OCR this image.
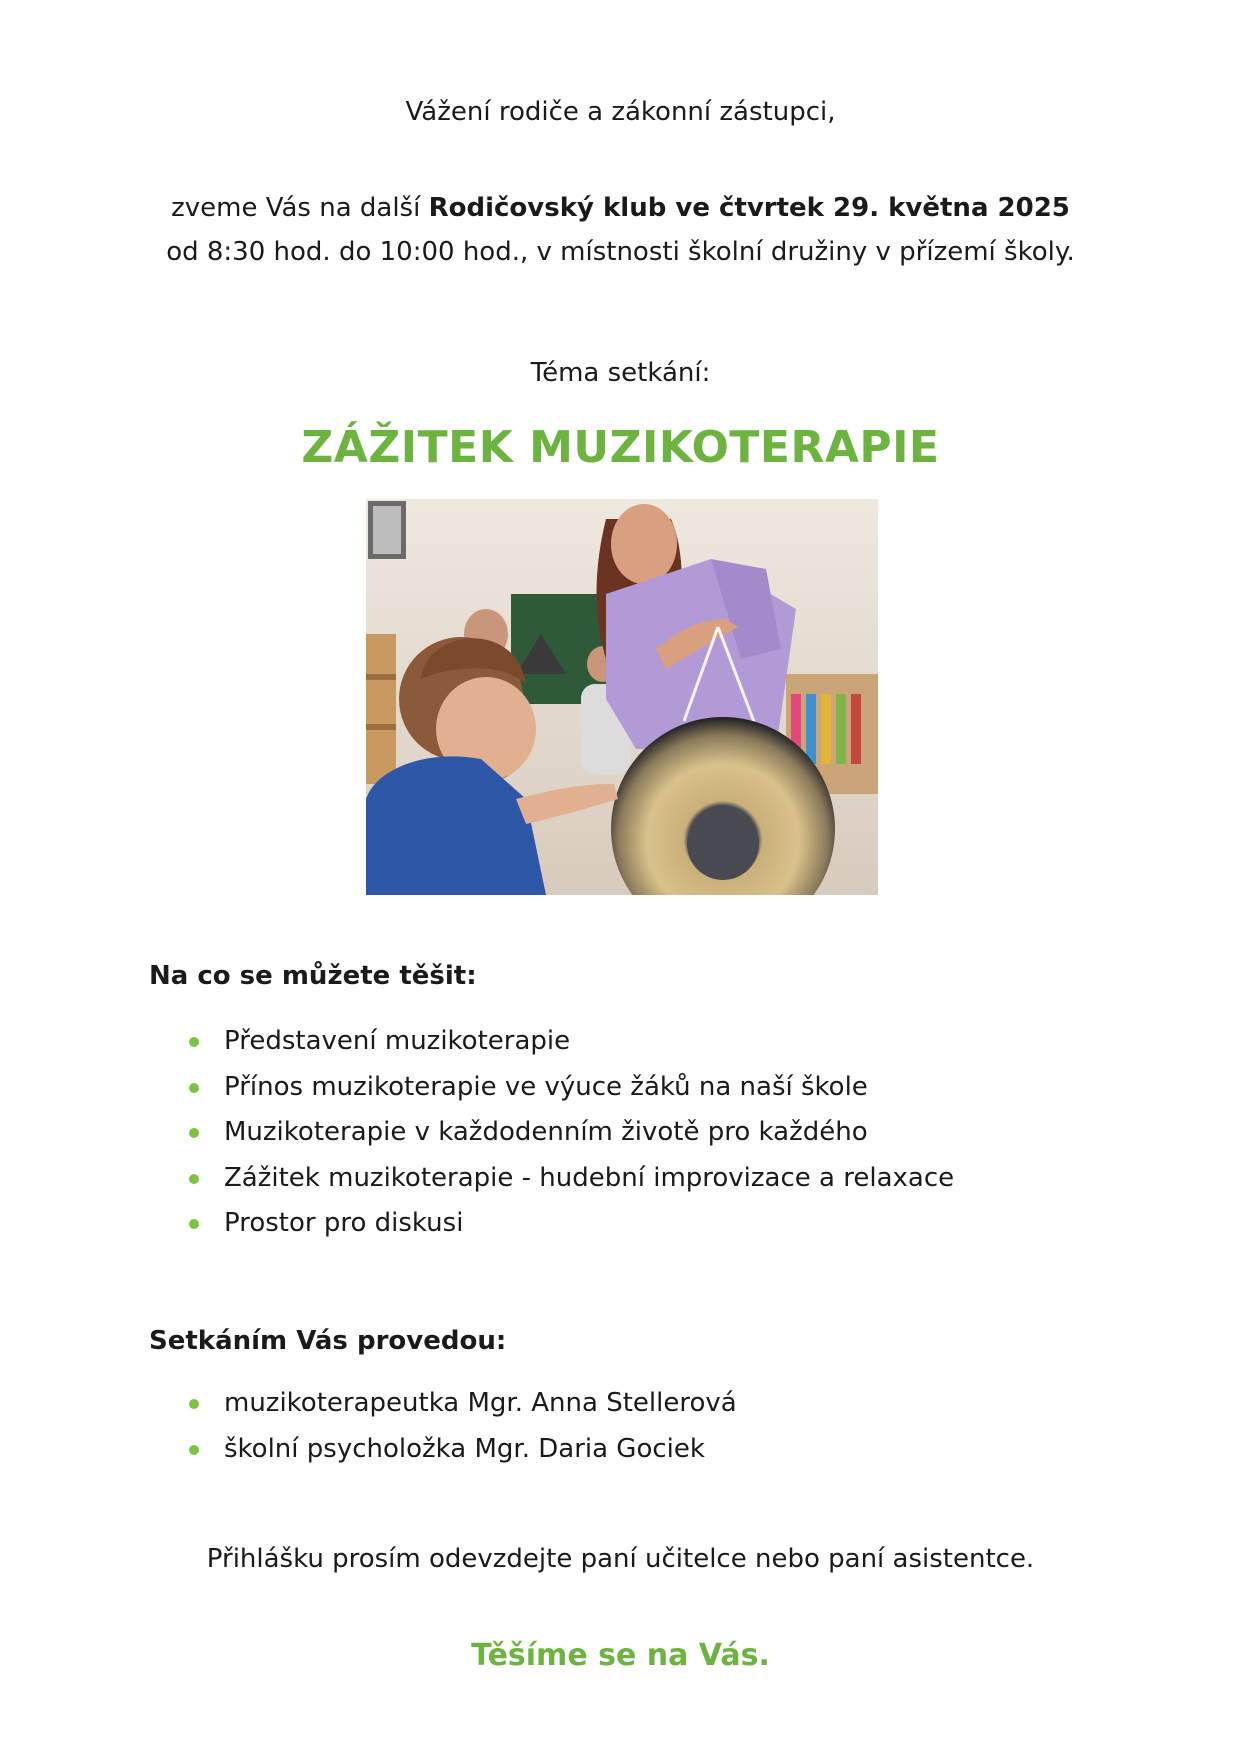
Vážení rodiče a zákonní zástupci,
zveme Vás na další Rodičovský klub ve čtvrtek 29. května 2025
od 8:30 hod. do 10:00 hod., v místnosti školní družiny v přízemí školy.
Téma setkání:
ZÁŽITEK MUZIKOTERAPIE
Na co se můžete těšit:
Představení muzikoterapie
Přínos muzikoterapie ve výuce žáků na naší škole
Muzikoterapie v každodenním životě pro každého
Zážitek muzikoterapie - hudební improvizace a relaxace
Prostor pro diskusi
Setkáním Vás provedou:
muzikoterapeutka Mgr. Anna Stellerová
školní psycholožka Mgr. Daria Gociek
Přihlášku prosím odevzdejte paní učitelce nebo paní asistentce.
Těšíme se na Vás.
